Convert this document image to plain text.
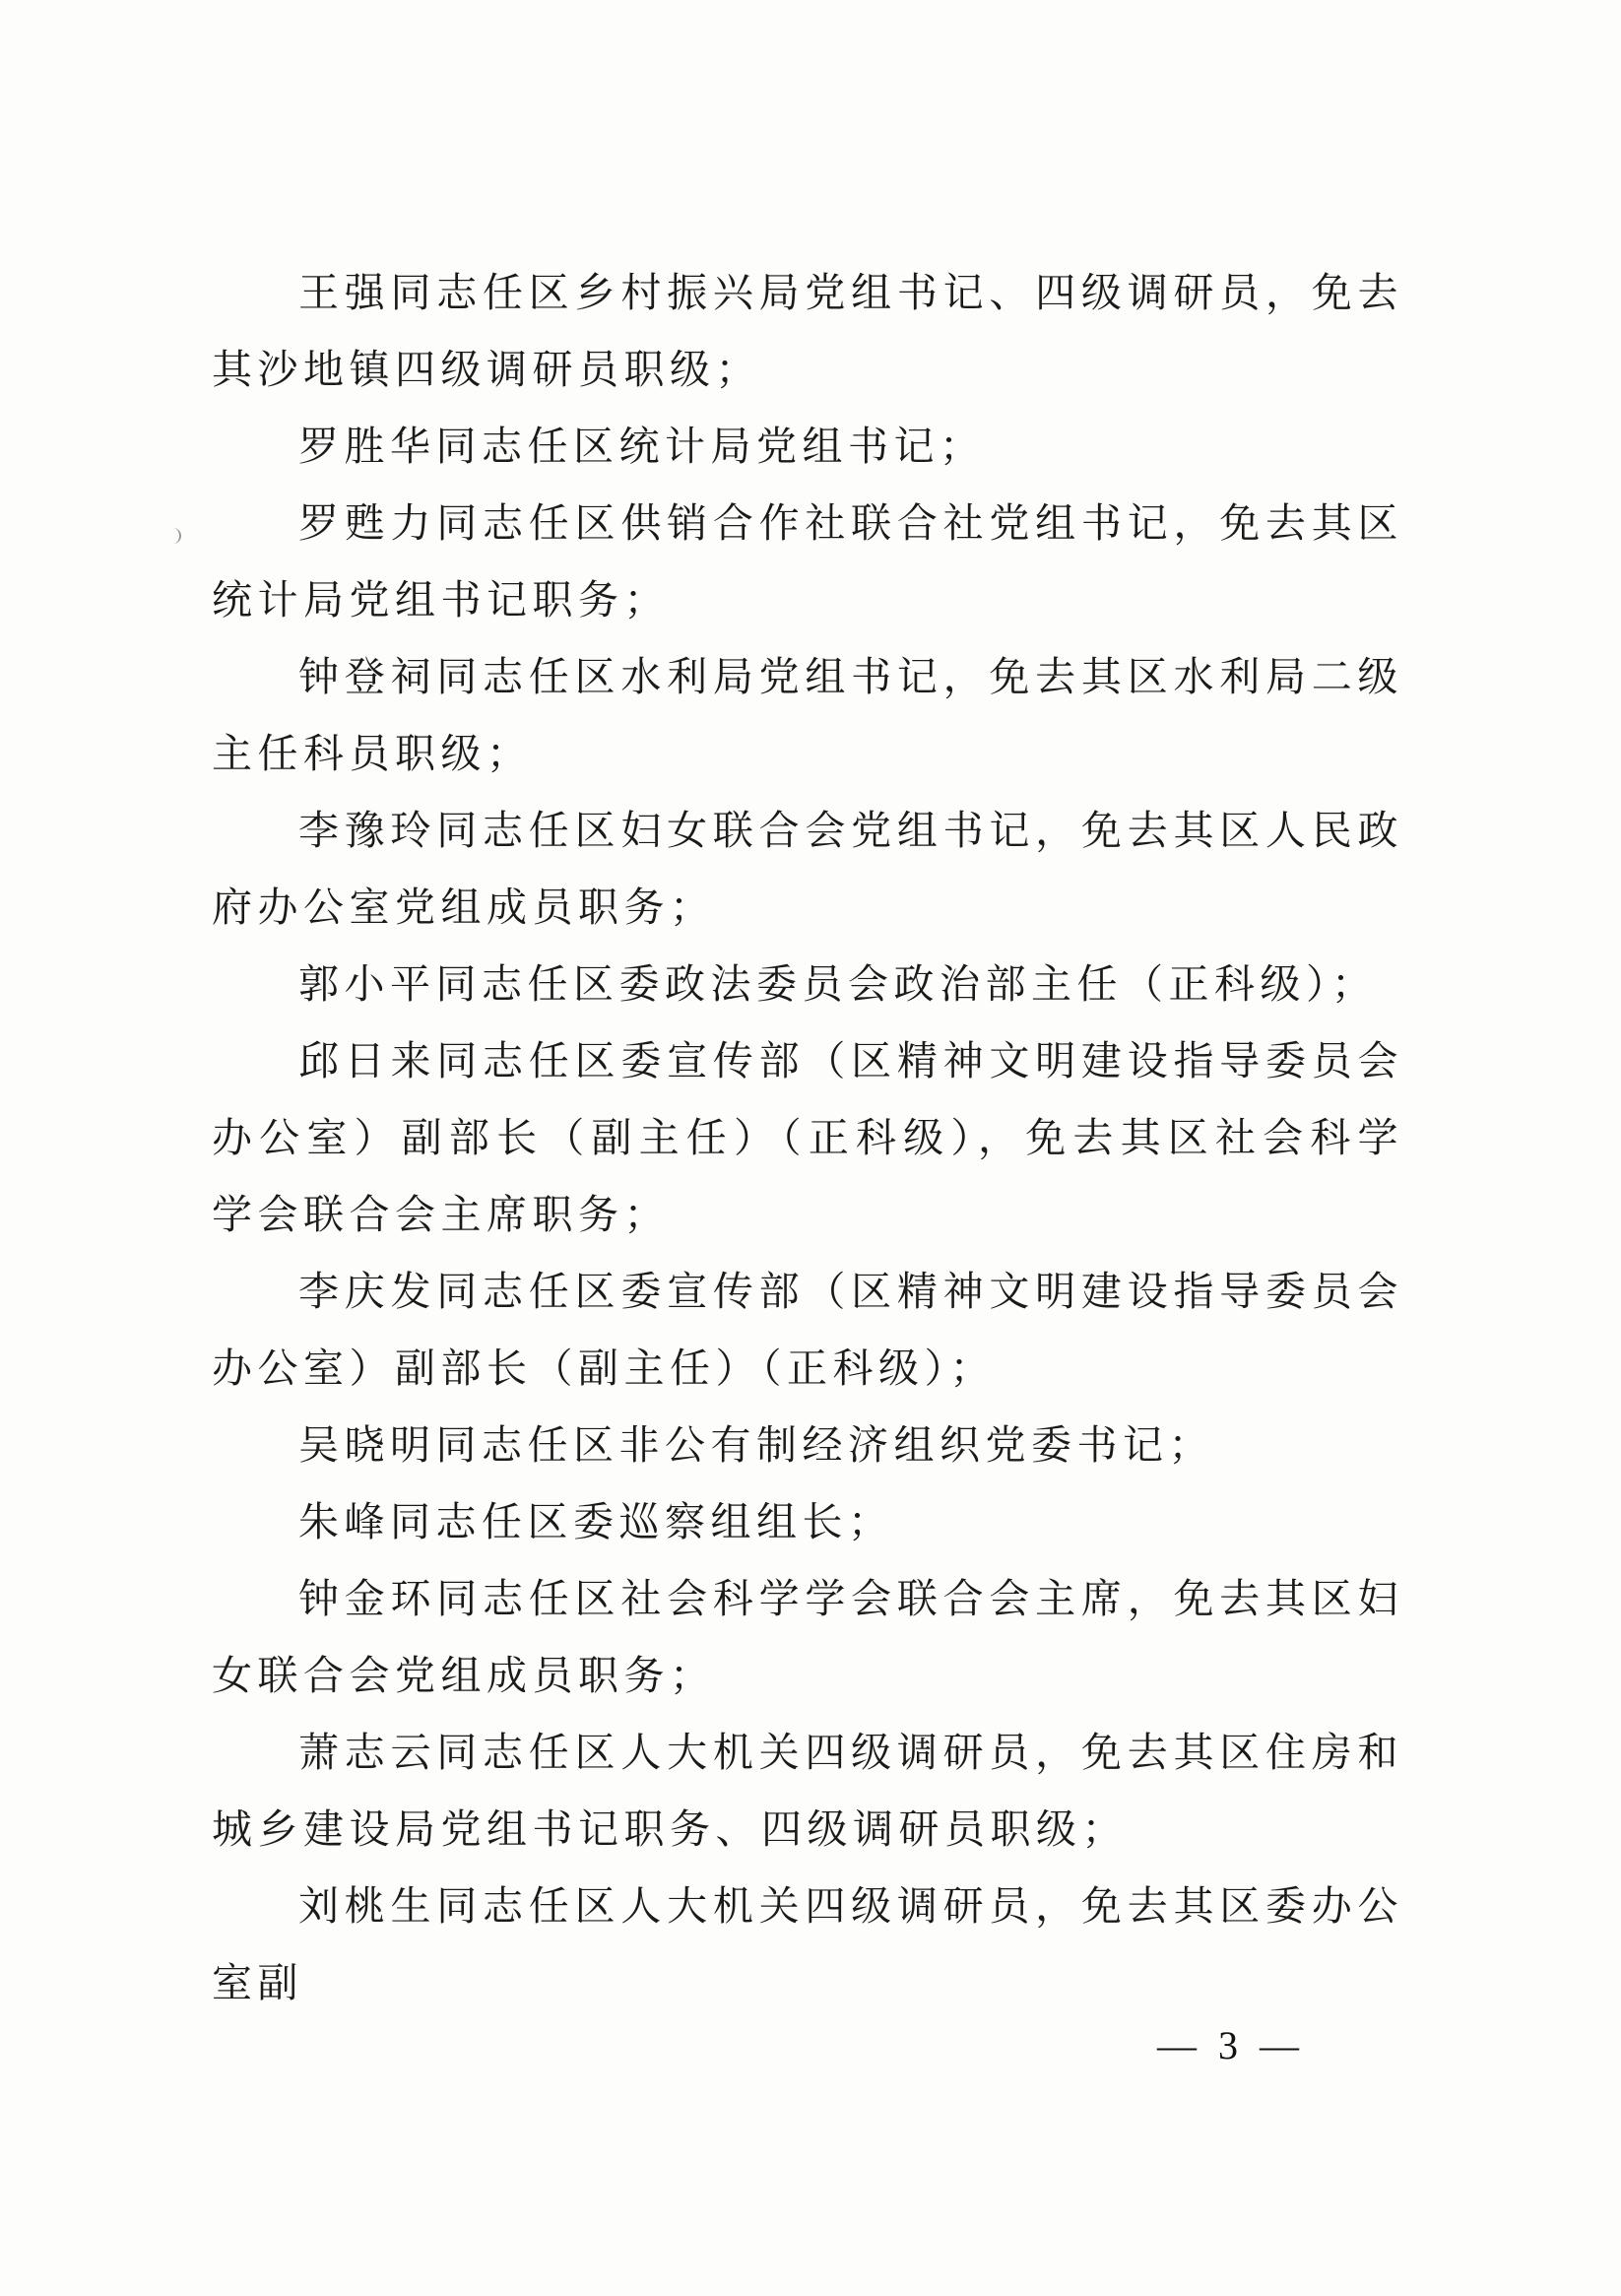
王强同志任区乡村振兴局党组书记、四级调研员，免去其沙地镇四级调研员职级；

罗胜华同志任区统计局党组书记；

罗甦力同志任区供销合作社联合社党组书记，免去其区统计局党组书记职务；

钟登祠同志任区水利局党组书记，免去其区水利局二级主任科员职级；

李豫玲同志任区妇女联合会党组书记，免去其区人民政府办公室党组成员职务；

郭小平同志任区委政法委员会政治部主任（正科级）；

邱日来同志任区委宣传部（区精神文明建设指导委员会办公室）副部长（副主任）（正科级），免去其区社会科学学会联合会主席职务；

李庆发同志任区委宣传部（区精神文明建设指导委员会办公室）副部长（副主任）（正科级）；

吴晓明同志任区非公有制经济组织党委书记；

朱峰同志任区委巡察组组长；

钟金环同志任区社会科学学会联合会主席，免去其区妇女联合会党组成员职务；

萧志云同志任区人大机关四级调研员，免去其区住房和城乡建设局党组书记职务、四级调研员职级；

刘桃生同志任区人大机关四级调研员，免去其区委办公室副

— 3 —
